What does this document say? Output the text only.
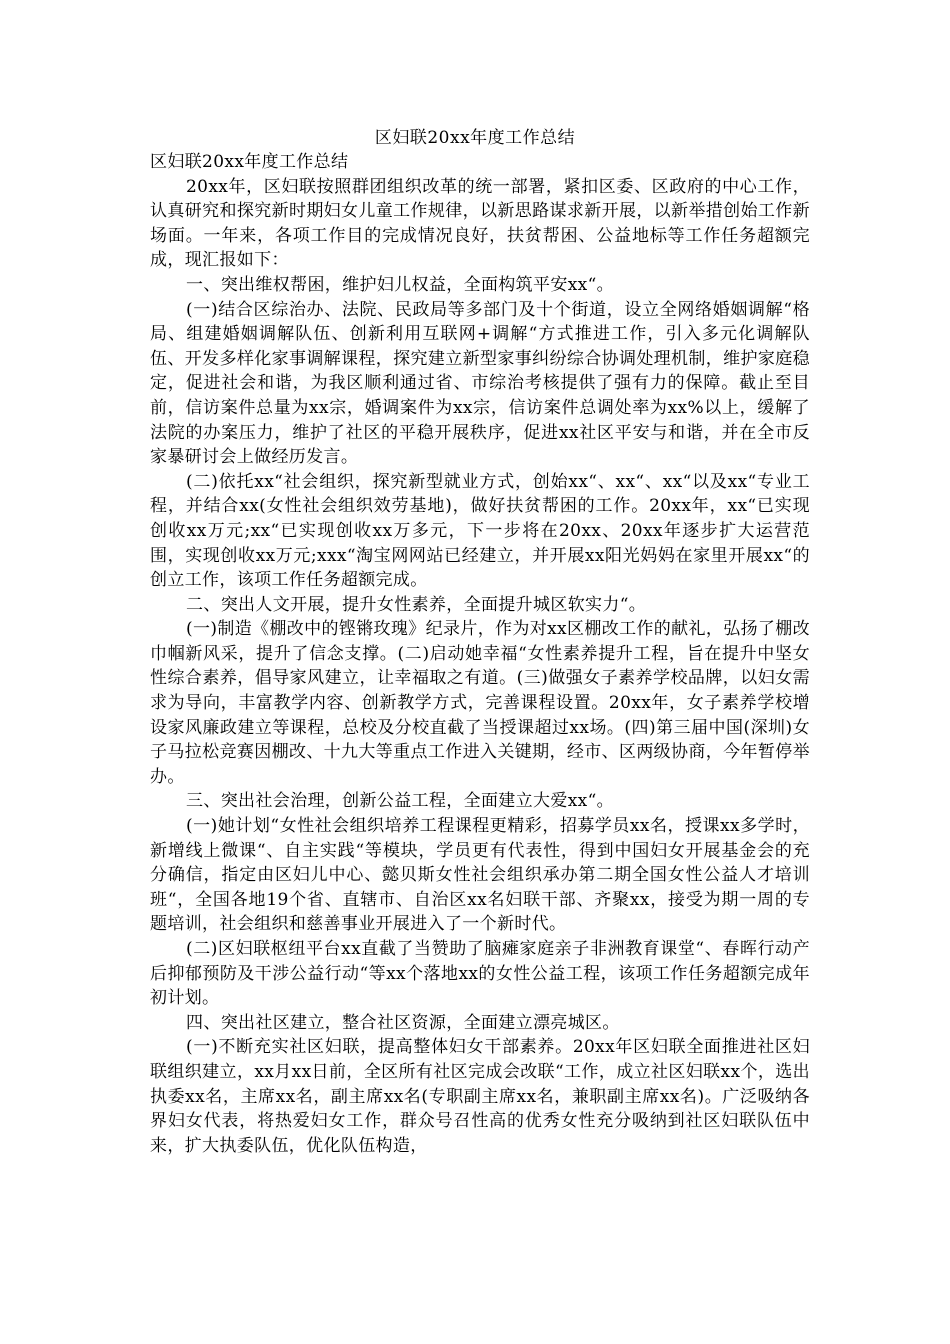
区妇联20xx年度工作总结

区妇联20xx年度工作总结

20xx年，区妇联按照群团组织改革的统一部署，紧扣区委、区政府的中心工作，认真研究和探究新时期妇女儿童工作规律，以新思路谋求新开展，以新举措创始工作新场面。一年来，各项工作目的完成情况良好，扶贫帮困、公益地标等工作任务超额完成，现汇报如下：

一、突出维权帮困，维护妇儿权益，全面构筑平安xx“。

(一)结合区综治办、法院、民政局等多部门及十个街道，设立全网络婚姻调解“格局、组建婚姻调解队伍、创新利用互联网+调解“方式推进工作，引入多元化调解队伍、开发多样化家事调解课程，探究建立新型家事纠纷综合协调处理机制，维护家庭稳定，促进社会和谐，为我区顺利通过省、市综治考核提供了强有力的保障。截止至目前，信访案件总量为xx宗，婚调案件为xx宗，信访案件总调处率为xx%以上，缓解了法院的办案压力，维护了社区的平稳开展秩序，促进xx社区平安与和谐，并在全市反家暴研讨会上做经历发言。

(二)依托xx“社会组织，探究新型就业方式，创始xx“、xx“、xx“以及xx“专业工程，并结合xx(女性社会组织效劳基地)，做好扶贫帮困的工作。20xx年，xx“已实现创收xx万元;xx“已实现创收xx万多元，下一步将在20xx、20xx年逐步扩大运营范围，实现创收xx万元;xxx“淘宝网网站已经建立，并开展xx阳光妈妈在家里开展xx“的创立工作，该项工作任务超额完成。

二、突出人文开展，提升女性素养，全面提升城区软实力“。

(一)制造《棚改中的铿锵玫瑰》纪录片，作为对xx区棚改工作的献礼，弘扬了棚改巾帼新风采，提升了信念支撑。(二)启动她幸福“女性素养提升工程，旨在提升中坚女性综合素养，倡导家风建立，让幸福取之有道。(三)做强女子素养学校品牌，以妇女需求为导向，丰富教学内容、创新教学方式，完善课程设置。20xx年，女子素养学校增设家风廉政建立等课程，总校及分校直截了当授课超过xx场。(四)第三届中国(深圳)女子马拉松竞赛因棚改、十九大等重点工作进入关键期，经市、区两级协商，今年暂停举办。

三、突出社会治理，创新公益工程，全面建立大爱xx“。

(一)她计划“女性社会组织培养工程课程更精彩，招募学员xx名，授课xx多学时，新增线上微课“、自主实践“等模块，学员更有代表性，得到中国妇女开展基金会的充分确信，指定由区妇儿中心、懿贝斯女性社会组织承办第二期全国女性公益人才培训班“，全国各地19个省、直辖市、自治区xx名妇联干部、齐聚xx，接受为期一周的专题培训，社会组织和慈善事业开展进入了一个新时代。

(二)区妇联枢纽平台xx直截了当赞助了脑瘫家庭亲子非洲教育课堂“、春晖行动产后抑郁预防及干涉公益行动“等xx个落地xx的女性公益工程，该项工作任务超额完成年初计划。

四、突出社区建立，整合社区资源，全面建立漂亮城区。

(一)不断充实社区妇联，提高整体妇女干部素养。20xx年区妇联全面推进社区妇联组织建立，xx月xx日前，全区所有社区完成会改联“工作，成立社区妇联xx个，选出执委xx名，主席xx名，副主席xx名(专职副主席xx名，兼职副主席xx名)。广泛吸纳各界妇女代表，将热爱妇女工作，群众号召性高的优秀女性充分吸纳到社区妇联队伍中来，扩大执委队伍，优化队伍构造，
